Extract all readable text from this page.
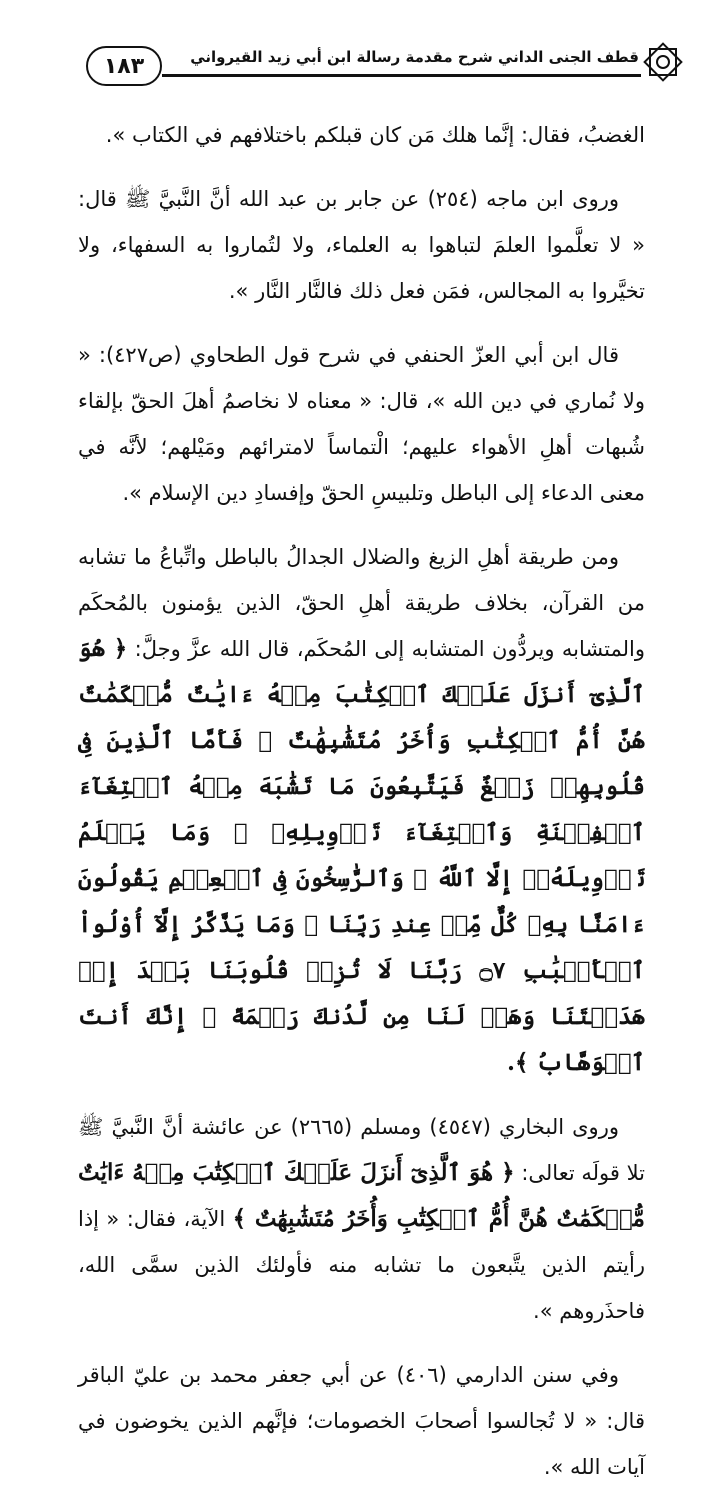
١٨٣	قطف الجنى الداني شرح مقدمة رسالة ابن أبي زيد القيرواني

الغضبُ، فقال: إنَّما هلك مَن كان قبلكم باختلافهم في الكتاب ».

وروى ابن ماجه (٢٥٤) عن جابر بن عبد الله أنَّ النَّبيَّ ﷺ قال: « لا تعلَّموا العلمَ لتباهوا به العلماء، ولا لتُماروا به السفهاء، ولا تخيَّروا به المجالس، فمَن فعل ذلك فالنَّار النَّار ».

قال ابن أبي العزّ الحنفي في شرح قول الطحاوي (ص٤٢٧): « ولا نُماري في دين الله »، قال: « معناه لا نخاصمُ أهلَ الحقّ بإلقاء شُبهات أهلِ الأهواء عليهم؛ الْتماساً لامترائهم ومَيْلهم؛ لأنَّه في معنى الدعاء إلى الباطل وتلبيسِ الحقّ وإفسادِ دين الإسلام ».

ومن طريقة أهلِ الزيغ والضلال الجدالُ بالباطل واتِّباعُ ما تشابه من القرآن، بخلاف طريقة أهلِ الحقّ، الذين يؤمنون بالمُحكَم والمتشابه ويردُّون المتشابه إلى المُحكَم، قال الله عزَّ وجلَّ: ﴿ هُوَ ٱلَّذِىٓ أَنزَلَ عَلَيۡكَ ٱلۡكِتَٰبَ مِنۡهُ ءَايَٰتٌ مُّحۡكَمَٰتٌ هُنَّ أُمُّ ٱلۡكِتَٰبِ وَأُخَرُ مُتَشَٰبِهَٰتٌ ۖ فَأَمَّا ٱلَّذِينَ فِى قُلُوبِهِمۡ زَيۡغٌ فَيَتَّبِعُونَ مَا تَشَٰبَهَ مِنۡهُ ٱبۡتِغَآءَ ٱلۡفِتۡنَةِ وَٱبۡتِغَآءَ تَأۡوِيلِهِۦ ۗ وَمَا يَعۡلَمُ تَأۡوِيلَهُۥٓ إِلَّا ٱللَّهُ ۗ وَٱلرَّٰسِخُونَ فِى ٱلۡعِلۡمِ يَقُولُونَ ءَامَنَّا بِهِۦ كُلٌّ مِّنۡ عِندِ رَبِّنَا ۗ وَمَا يَذَّكَّرُ إِلَّآ أُوْلُواْ ٱلۡأَلۡبَٰبِ ۝٧ رَبَّنَا لَا تُزِغۡ قُلُوبَنَا بَعۡدَ إِذۡ هَدَيۡتَنَا وَهَبۡ لَنَا مِن لَّدُنكَ رَحۡمَةً ۚ إِنَّكَ أَنتَ ٱلۡوَهَّابُ ﴾.

وروى البخاري (٤٥٤٧) ومسلم (٢٦٦٥) عن عائشة أنَّ النَّبيَّ ﷺ تلا قولَه تعالى: ﴿ هُوَ ٱلَّذِىٓ أَنزَلَ عَلَيۡكَ ٱلۡكِتَٰبَ مِنۡهُ ءَايَٰتٌ مُّحۡكَمَٰتٌ هُنَّ أُمُّ ٱلۡكِتَٰبِ وَأُخَرُ مُتَشَٰبِهَٰتٌ ﴾ الآية، فقال: « إذا رأيتم الذين يتَّبعون ما تشابه منه فأولئك الذين سمَّى الله، فاحذَروهم ».

وفي سنن الدارمي (٤٠٦) عن أبي جعفر محمد بن عليّ الباقر قال: « لا تُجالسوا أصحابَ الخصومات؛ فإنَّهم الذين يخوضون في آيات الله ».
